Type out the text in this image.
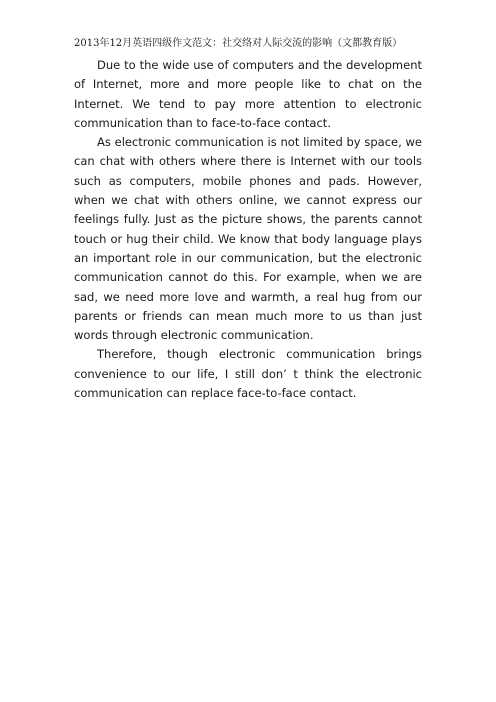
2013年12月英语四级作文范文：社交络对人际交流的影响（文都教育版）

Due to the wide use of computers and the development of Internet, more and more people like to chat on the Internet. We tend to pay more attention to electronic communication than to face-to-face contact.

As electronic communication is not limited by space, we can chat with others where there is Internet with our tools such as computers, mobile phones and pads. However, when we chat with others online, we cannot express our feelings fully. Just as the picture shows, the parents cannot touch or hug their child. We know that body language plays an important role in our communication, but the electronic communication cannot do this. For example, when we are sad, we need more love and warmth, a real hug from our parents or friends can mean much more to us than just words through electronic communication.

Therefore, though electronic communication brings convenience to our life, I still don’ t think the electronic communication can replace face-to-face contact.
